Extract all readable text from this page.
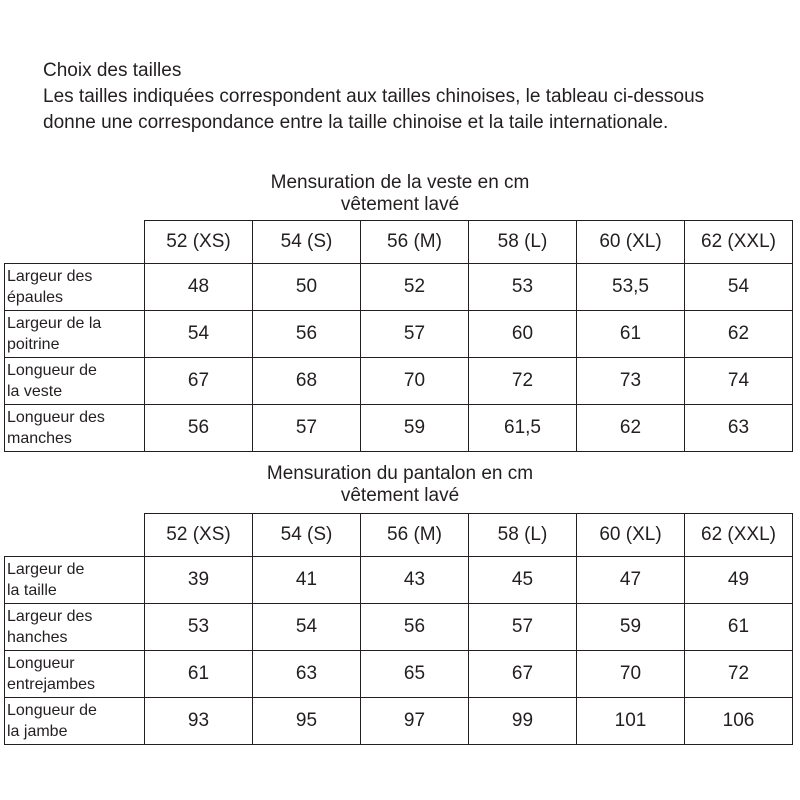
Choix des tailles

Les tailles indiquées correspondent aux tailles chinoises, le tableau ci-dessous

donne une correspondance entre la taille chinoise et la taile internationale.

Mensuration de la veste en cm
vêtement lavé
	52 (XS)	54 (S)	56 (M)	58 (L)	60 (XL)	62 (XXL)

Largeur des
épaules	48	50	52	53	53,5	54

Largeur de la
poitrine	54	56	57	60	61	62

Longueur de
la veste	67	68	70	72	73	74

Longueur des
manches	56	57	59	61,5	62	63
Mensuration du pantalon en cm
vêtement lavé
	52 (XS)	54 (S)	56 (M)	58 (L)	60 (XL)	62 (XXL)

Largeur de
la taille	39	41	43	45	47	49

Largeur des
hanches	53	54	56	57	59	61

Longueur
entrejambes	61	63	65	67	70	72

Longueur de
la jambe	93	95	97	99	101	106
